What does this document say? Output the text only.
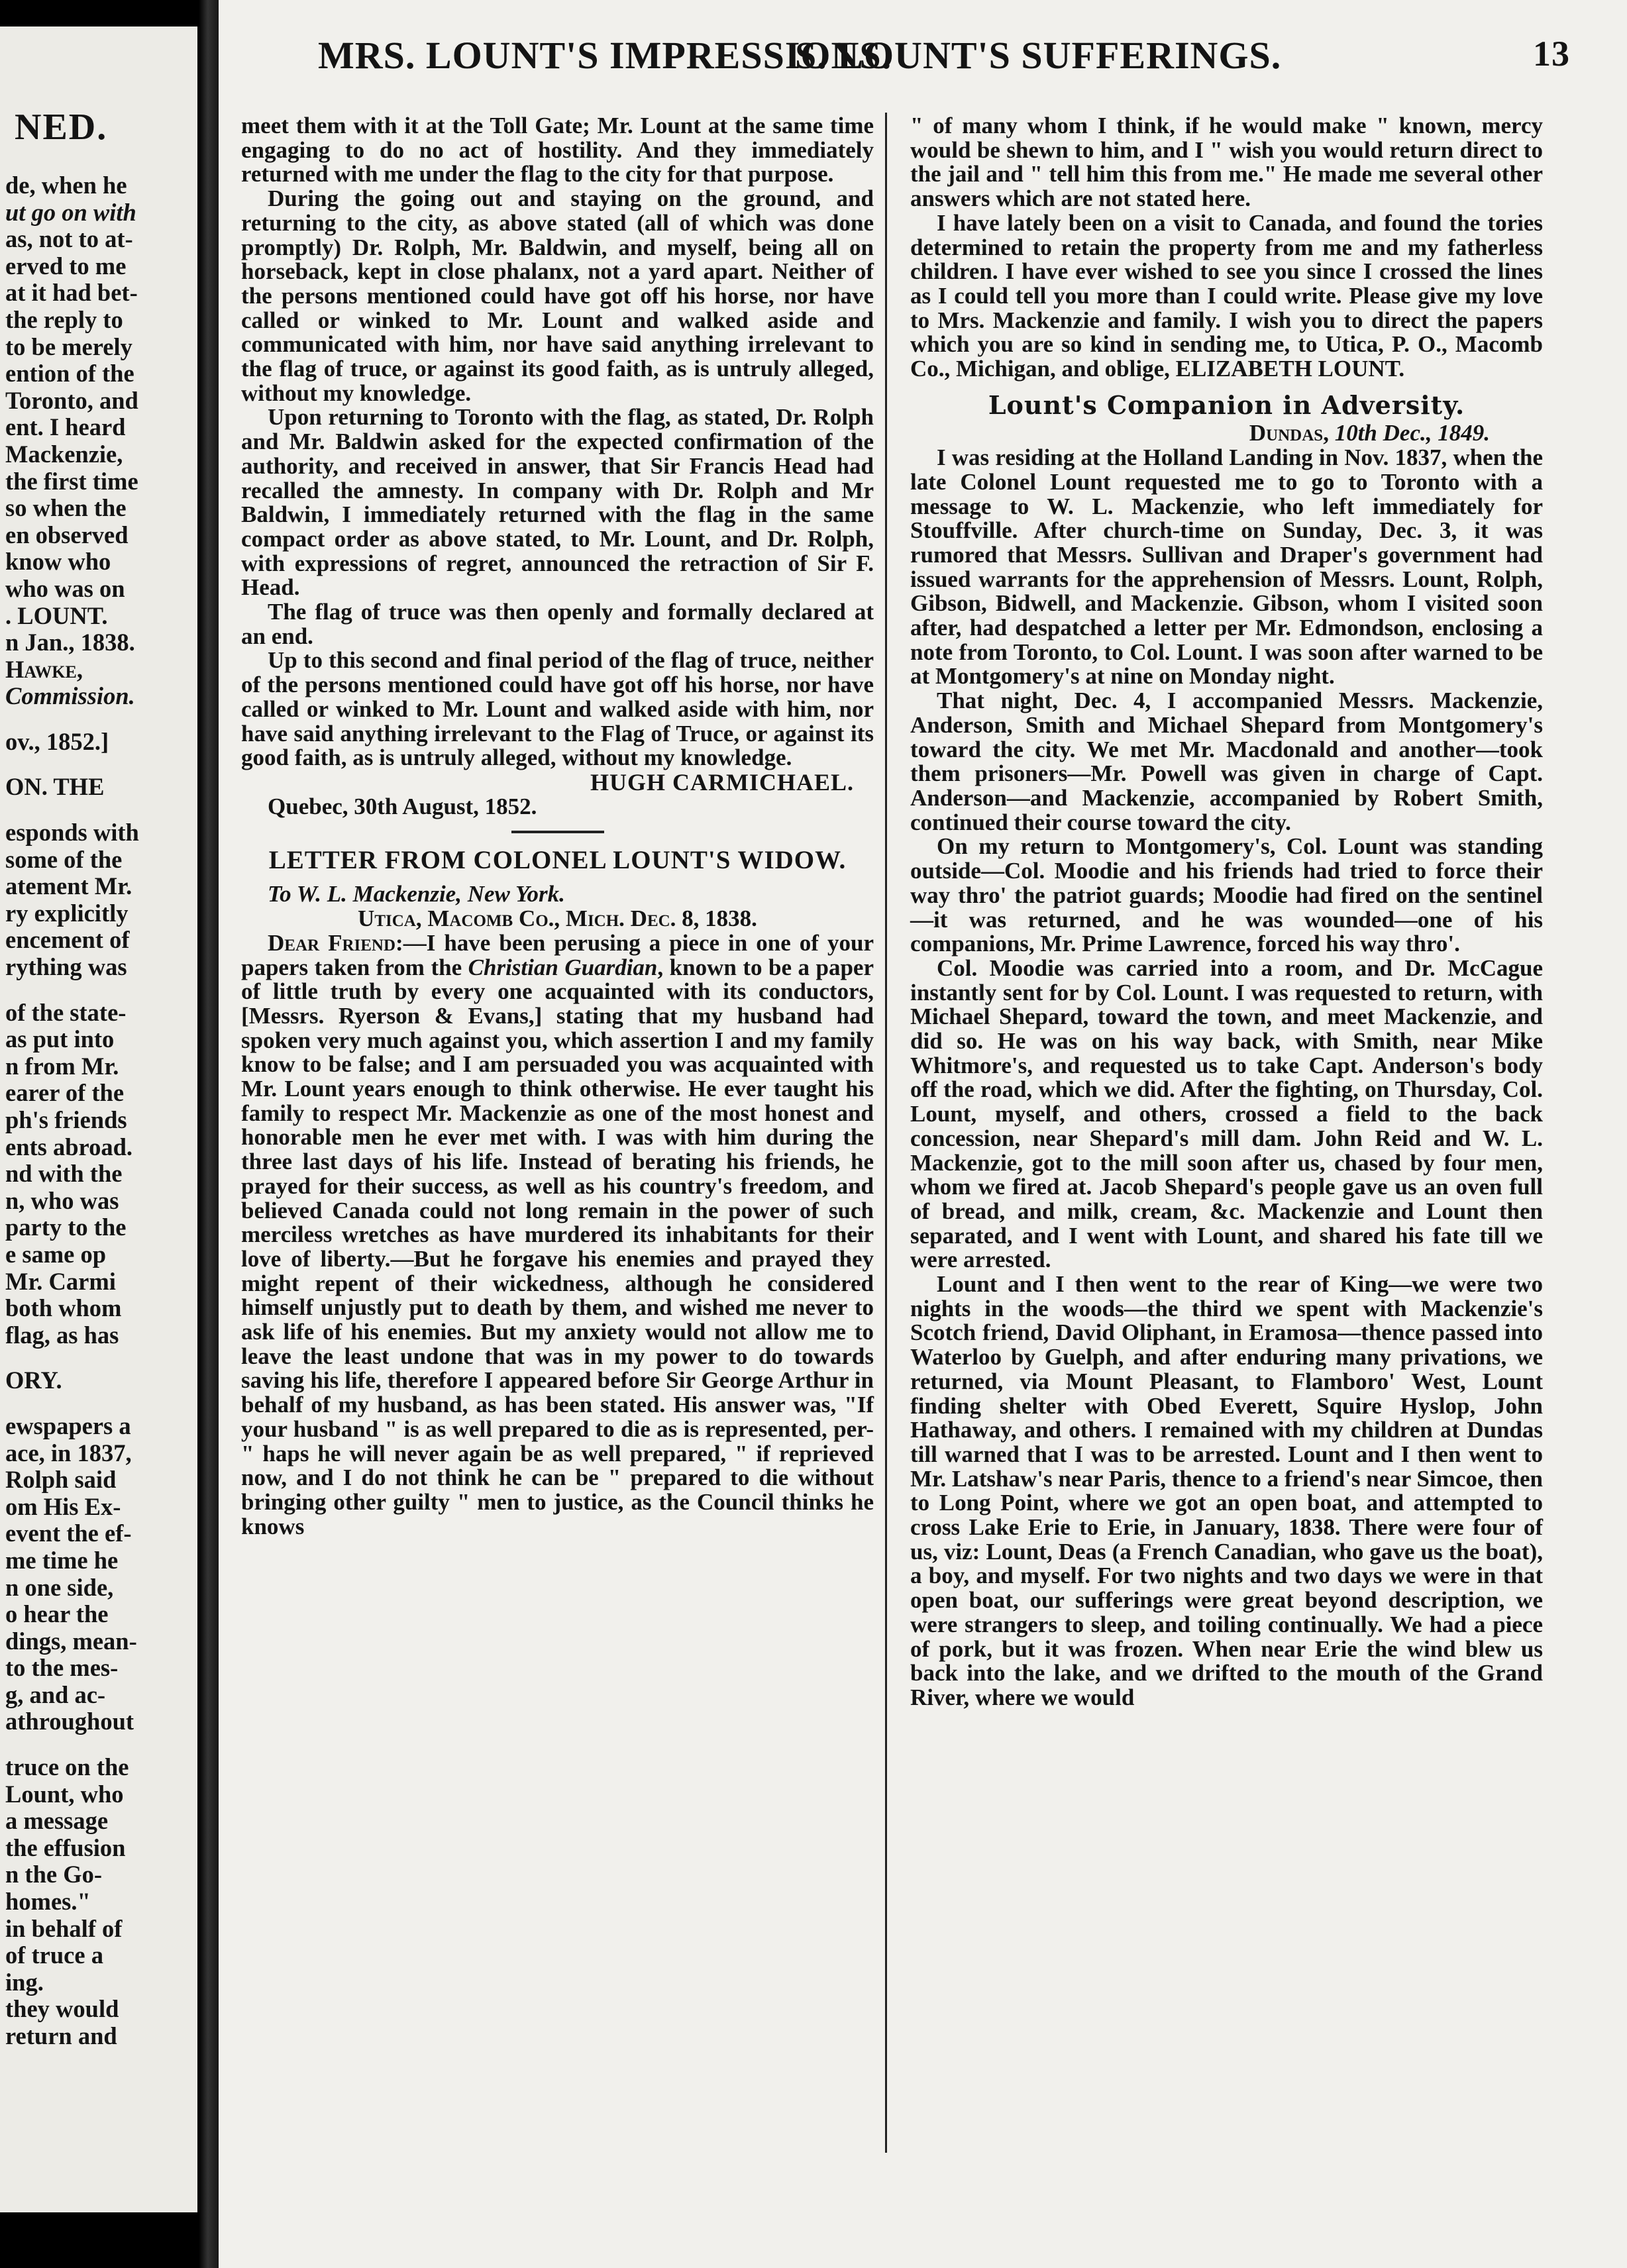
NED.
de, when he
ut go on with
as, not to at-
erved to me
at it had bet-
the reply to
to be merely
ention of the
Toronto, and
ent. I heard
Mackenzie,
the first time
so when the
en observed
know who
who was on
. LOUNT.
n Jan., 1838.
Hawke,
Commission.
ov., 1852.]
ON. THE
esponds with
some of the
atement Mr.
ry explicitly
encement of
rything was
of the state-
as put into
n from Mr.
earer of the
ph's friends
ents abroad.
nd with the
n, who was
party to the
e same op
Mr. Carmi
both whom
flag, as has
ORY.
ewspapers a
ace, in 1837,
Rolph said
om His Ex-
event the ef-
me time he
n one side,
o hear the
dings, mean-
to the mes-
g, and ac-
athroughout
truce on the
Lount, who
a message
the effusion
n the Go-
homes."
in behalf of
of truce a
ing.
they would
return and
MRS. LOUNT'S IMPRESSIONS.
S. LOUNT'S SUFFERINGS.	13

meet them with it at the Toll Gate; Mr. Lount at the same time engaging to do no act of hostility. And they immediately returned with me under the flag to the city for that purpose.

During the going out and staying on the ground, and returning to the city, as above stated (all of which was done promptly) Dr. Rolph, Mr. Baldwin, and myself, being all on horseback, kept in close phalanx, not a yard apart. Neither of the persons mentioned could have got off his horse, nor have called or winked to Mr. Lount and walked aside and communicated with him, nor have said anything irrelevant to the flag of truce, or against its good faith, as is untruly alleged, without my knowledge.

Upon returning to Toronto with the flag, as stated, Dr. Rolph and Mr. Baldwin asked for the expected confirmation of the authority, and received in answer, that Sir Francis Head had recalled the amnesty. In company with Dr. Rolph and Mr Baldwin, I immediately returned with the flag in the same compact order as above stated, to Mr. Lount, and Dr. Rolph, with expressions of regret, announced the retraction of Sir F. Head.

The flag of truce was then openly and formally declared at an end.

Up to this second and final period of the flag of truce, neither of the persons mentioned could have got off his horse, nor have called or winked to Mr. Lount and walked aside with him, nor have said anything irrelevant to the Flag of Truce, or against its good faith, as is untruly alleged, without my knowledge.

HUGH CARMICHAEL.
Quebec, 30th August, 1852.
LETTER FROM COLONEL LOUNT'S WIDOW.
To W. L. Mackenzie, New York.
Utica, Macomb Co., Mich. Dec. 8, 1838.

Dear Friend:—I have been perusing a piece in one of your papers taken from the Christian Guardian, known to be a paper of little truth by every one acquainted with its conductors, [Messrs. Ryerson & Evans,] stating that my husband had spoken very much against you, which assertion I and my family know to be false; and I am persuaded you was acquainted with Mr. Lount years enough to think otherwise. He ever taught his family to respect Mr. Mackenzie as one of the most honest and honorable men he ever met with. I was with him during the three last days of his life. Instead of berating his friends, he prayed for their success, as well as his country's freedom, and believed Canada could not long remain in the power of such merciless wretches as have murdered its inhabitants for their love of liberty.—But he forgave his enemies and prayed they might repent of their wickedness, although he considered himself unjustly put to death by them, and wished me never to ask life of his enemies. But my anxiety would not allow me to leave the least undone that was in my power to do towards saving his life, therefore I appeared before Sir George Arthur in behalf of my husband, as has been stated. His answer was, "If your husband " is as well prepared to die as is represented, per- " haps he will never again be as well prepared, " if reprieved now, and I do not think he can be " prepared to die without bringing other guilty " men to justice, as the Council thinks he knows

" of many whom I think, if he would make " known, mercy would be shewn to him, and I " wish you would return direct to the jail and " tell him this from me." He made me several other answers which are not stated here.

I have lately been on a visit to Canada, and found the tories determined to retain the property from me and my fatherless children. I have ever wished to see you since I crossed the lines as I could tell you more than I could write. Please give my love to Mrs. Mackenzie and family. I wish you to direct the papers which you are so kind in sending me, to Utica, P. O., Macomb Co., Michigan, and oblige, ELIZABETH LOUNT.

Lount's Companion in Adversity.
Dundas, 10th Dec., 1849.

I was residing at the Holland Landing in Nov. 1837, when the late Colonel Lount requested me to go to Toronto with a message to W. L. Mackenzie, who left immediately for Stouffville. After church-time on Sunday, Dec. 3, it was rumored that Messrs. Sullivan and Draper's government had issued warrants for the apprehension of Messrs. Lount, Rolph, Gibson, Bidwell, and Mackenzie. Gibson, whom I visited soon after, had despatched a letter per Mr. Edmondson, enclosing a note from Toronto, to Col. Lount. I was soon after warned to be at Montgomery's at nine on Monday night.

That night, Dec. 4, I accompanied Messrs. Mackenzie, Anderson, Smith and Michael Shepard from Montgomery's toward the city. We met Mr. Macdonald and another—took them prisoners—Mr. Powell was given in charge of Capt. Anderson—and Mackenzie, accompanied by Robert Smith, continued their course toward the city.

On my return to Montgomery's, Col. Lount was standing outside—Col. Moodie and his friends had tried to force their way thro' the patriot guards; Moodie had fired on the sentinel—it was returned, and he was wounded—one of his companions, Mr. Prime Lawrence, forced his way thro'.

Col. Moodie was carried into a room, and Dr. McCague instantly sent for by Col. Lount. I was requested to return, with Michael Shepard, toward the town, and meet Mackenzie, and did so. He was on his way back, with Smith, near Mike Whitmore's, and requested us to take Capt. Anderson's body off the road, which we did. After the fighting, on Thursday, Col. Lount, myself, and others, crossed a field to the back concession, near Shepard's mill dam. John Reid and W. L. Mackenzie, got to the mill soon after us, chased by four men, whom we fired at. Jacob Shepard's people gave us an oven full of bread, and milk, cream, &c. Mackenzie and Lount then separated, and I went with Lount, and shared his fate till we were arrested.

Lount and I then went to the rear of King—we were two nights in the woods—the third we spent with Mackenzie's Scotch friend, David Oliphant, in Eramosa—thence passed into Waterloo by Guelph, and after enduring many privations, we returned, via Mount Pleasant, to Flamboro' West, Lount finding shelter with Obed Everett, Squire Hyslop, John Hathaway, and others. I remained with my children at Dundas till warned that I was to be arrested. Lount and I then went to Mr. Latshaw's near Paris, thence to a friend's near Simcoe, then to Long Point, where we got an open boat, and attempted to cross Lake Erie to Erie, in January, 1838. There were four of us, viz: Lount, Deas (a French Canadian, who gave us the boat), a boy, and myself. For two nights and two days we were in that open boat, our sufferings were great beyond description, we were strangers to sleep, and toiling continually. We had a piece of pork, but it was frozen. When near Erie the wind blew us back into the lake, and we drifted to the mouth of the Grand River, where we would
